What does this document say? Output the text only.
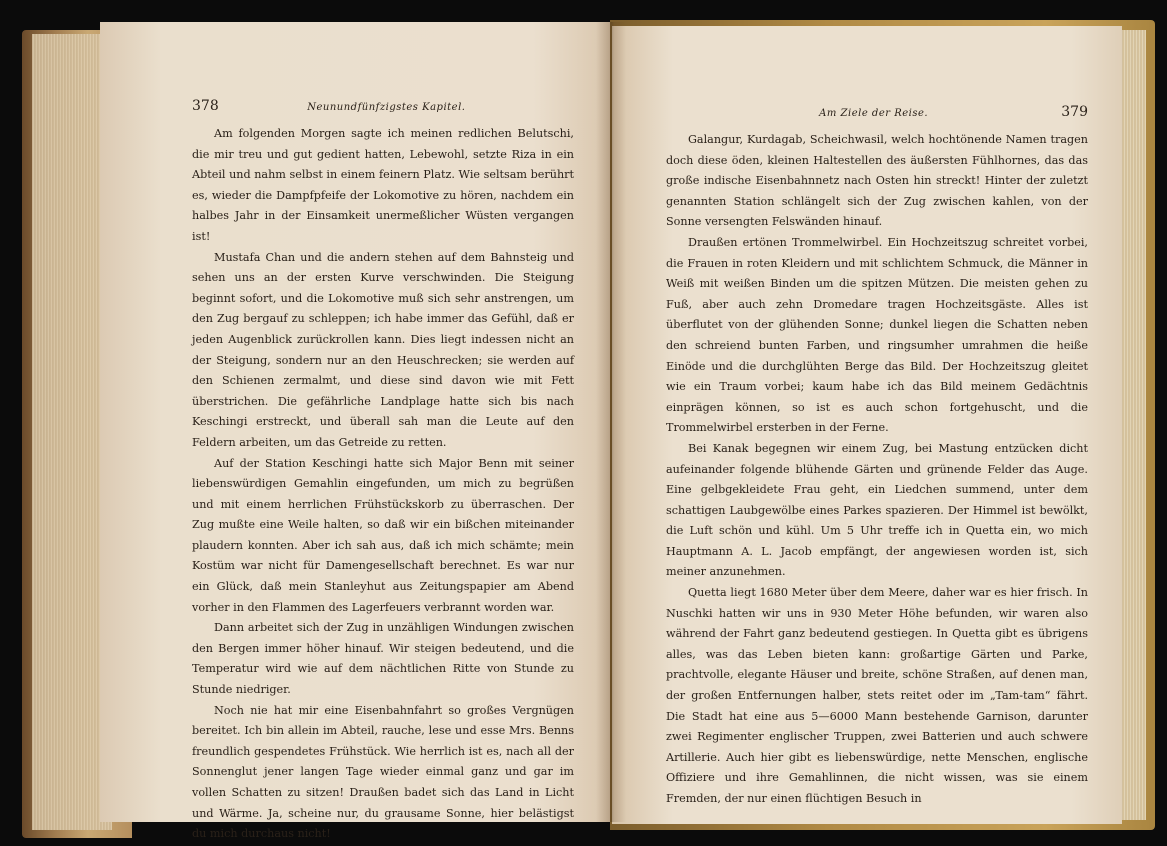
378	Neunundfünfzigstes Kapitel.

Am folgenden Morgen sagte ich meinen redlichen Belutschi, die mir treu und gut gedient hatten, Lebewohl, setzte Riza in ein Abteil und nahm selbst in einem feinern Platz. Wie seltsam berührt es, wieder die Dampfpfeife der Lokomotive zu hören, nachdem ein halbes Jahr in der Einsamkeit unermeßlicher Wüsten vergangen ist!

Mustafa Chan und die andern stehen auf dem Bahnsteig und sehen uns an der ersten Kurve verschwinden. Die Steigung beginnt sofort, und die Lokomotive muß sich sehr anstrengen, um den Zug bergauf zu schleppen; ich habe immer das Gefühl, daß er jeden Augenblick zurückrollen kann. Dies liegt indessen nicht an der Steigung, sondern nur an den Heuschrecken; sie werden auf den Schienen zermalmt, und diese sind davon wie mit Fett überstrichen. Die gefährliche Landplage hatte sich bis nach Keschingi erstreckt, und überall sah man die Leute auf den Feldern arbeiten, um das Getreide zu retten.

Auf der Station Keschingi hatte sich Major Benn mit seiner liebenswürdigen Gemahlin eingefunden, um mich zu begrüßen und mit einem herrlichen Frühstückskorb zu überraschen. Der Zug mußte eine Weile halten, so daß wir ein bißchen miteinander plaudern konnten. Aber ich sah aus, daß ich mich schämte; mein Kostüm war nicht für Damengesellschaft berechnet. Es war nur ein Glück, daß mein Stanleyhut aus Zeitungspapier am Abend vorher in den Flammen des Lagerfeuers verbrannt worden war.

Dann arbeitet sich der Zug in unzähligen Windungen zwischen den Bergen immer höher hinauf. Wir steigen bedeutend, und die Temperatur wird wie auf dem nächtlichen Ritte von Stunde zu Stunde niedriger.

Noch nie hat mir eine Eisenbahnfahrt so großes Vergnügen bereitet. Ich bin allein im Abteil, rauche, lese und esse Mrs. Benns freundlich gespendetes Frühstück. Wie herrlich ist es, nach all der Sonnenglut jener langen Tage wieder einmal ganz und gar im vollen Schatten zu sitzen! Draußen badet sich das Land in Licht und Wärme. Ja, scheine nur, du grausame Sonne, hier belästigst du mich durchaus nicht!

Am Ziele der Reise.	379

Galangur, Kurdagab, Scheichwasil, welch hochtönende Namen tragen doch diese öden, kleinen Haltestellen des äußersten Fühlhornes, das das große indische Eisenbahnnetz nach Osten hin streckt! Hinter der zuletzt genannten Station schlängelt sich der Zug zwischen kahlen, von der Sonne versengten Felswänden hinauf.

Draußen ertönen Trommelwirbel. Ein Hochzeitszug schreitet vorbei, die Frauen in roten Kleidern und mit schlichtem Schmuck, die Männer in Weiß mit weißen Binden um die spitzen Mützen. Die meisten gehen zu Fuß, aber auch zehn Dromedare tragen Hochzeitsgäste. Alles ist überflutet von der glühenden Sonne; dunkel liegen die Schatten neben den schreiend bunten Farben, und ringsumher umrahmen die heiße Einöde und die durchglühten Berge das Bild. Der Hochzeitszug gleitet wie ein Traum vorbei; kaum habe ich das Bild meinem Gedächtnis einprägen können, so ist es auch schon fortgehuscht, und die Trommelwirbel ersterben in der Ferne.

Bei Kanak begegnen wir einem Zug, bei Mastung entzücken dicht aufeinander folgende blühende Gärten und grünende Felder das Auge. Eine gelbgekleidete Frau geht, ein Liedchen summend, unter dem schattigen Laubgewölbe eines Parkes spazieren. Der Himmel ist bewölkt, die Luft schön und kühl. Um 5 Uhr treffe ich in Quetta ein, wo mich Hauptmann A. L. Jacob empfängt, der angewiesen worden ist, sich meiner anzunehmen.

Quetta liegt 1680 Meter über dem Meere, daher war es hier frisch. In Nuschki hatten wir uns in 930 Meter Höhe befunden, wir waren also während der Fahrt ganz bedeutend gestiegen. In Quetta gibt es übrigens alles, was das Leben bieten kann: großartige Gärten und Parke, prachtvolle, elegante Häuser und breite, schöne Straßen, auf denen man, der großen Entfernungen halber, stets reitet oder im „Tam-tam“ fährt. Die Stadt hat eine aus 5—6000 Mann bestehende Garnison, darunter zwei Regimenter englischer Truppen, zwei Batterien und auch schwere Artillerie. Auch hier gibt es liebenswürdige, nette Menschen, englische Offiziere und ihre Gemahlinnen, die nicht wissen, was sie einem Fremden, der nur einen flüchtigen Besuch in
